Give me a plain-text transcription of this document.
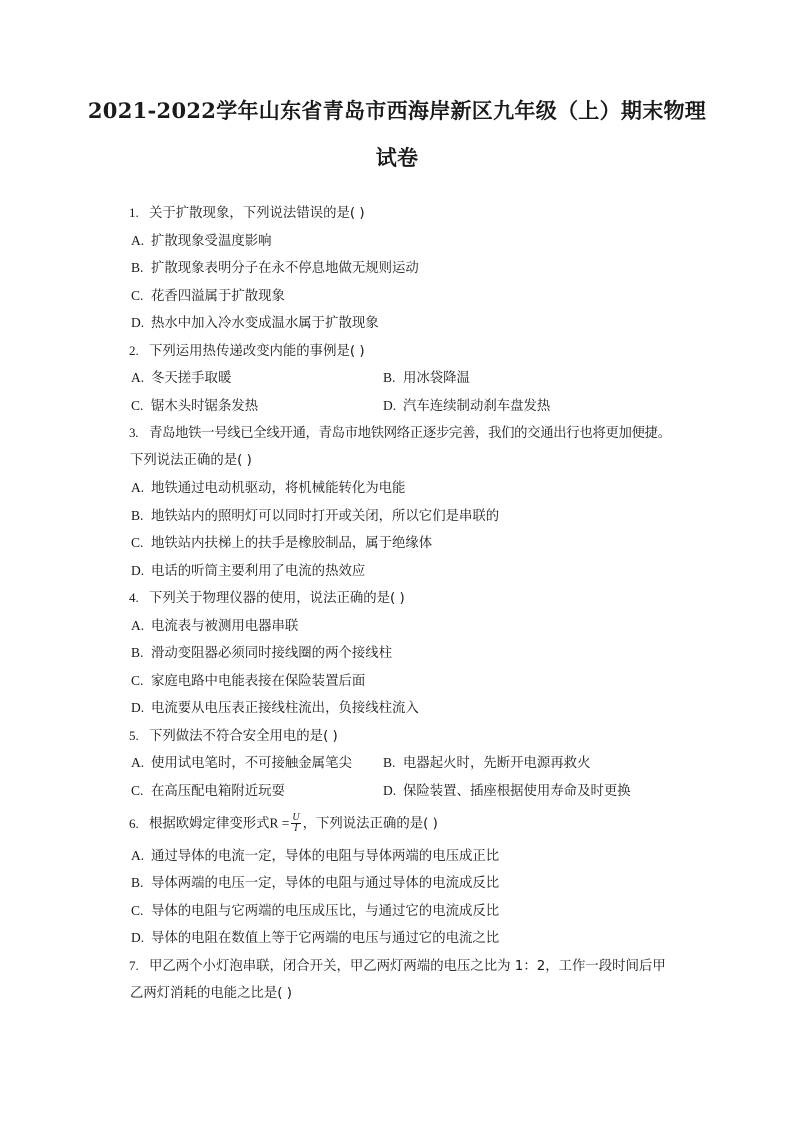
2021-2022学年山东省青岛市西海岸新区九年级（上）期末物理
试卷
1. 关于扩散现象，下列说法错误的是( )
A. 扩散现象受温度影响
B. 扩散现象表明分子在永不停息地做无规则运动
C. 花香四溢属于扩散现象
D. 热水中加入冷水变成温水属于扩散现象
2. 下列运用热传递改变内能的事例是( )
A. 冬天搓手取暖	B. 用冰袋降温
C. 锯木头时锯条发热	D. 汽车连续制动刹车盘发热
3. 青岛地铁一号线已全线开通，青岛市地铁网络正逐步完善，我们的交通出行也将更加便捷。
下列说法正确的是( )
A. 地铁通过电动机驱动，将机械能转化为电能
B. 地铁站内的照明灯可以同时打开或关闭，所以它们是串联的
C. 地铁站内扶梯上的扶手是橡胶制品，属于绝缘体
D. 电话的听筒主要利用了电流的热效应
4. 下列关于物理仪器的使用，说法正确的是( )
A. 电流表与被测用电器串联
B. 滑动变阻器必须同时接线圈的两个接线柱
C. 家庭电路中电能表接在保险装置后面
D. 电流要从电压表正接线柱流出，负接线柱流入
5. 下列做法不符合安全用电的是( )
A. 使用试电笔时，不可接触金属笔尖 B. 电器起火时，先断开电源再救火
C. 在高压配电箱附近玩耍	D. 保险装置、插座根据使用寿命及时更换
6. 根据欧姆定律变形式$R = \frac{U}{I}$ ，下列说法正确的是( )
A. 通过导体的电流一定，导体的电阻与导体两端的电压成正比
B. 导体两端的电压一定，导体的电阻与通过导体的电流成反比
C. 导体的电阻与它两端的电压成压比，与通过它的电流成反比
D. 导体的电阻在数值上等于它两端的电压与通过它的电流之比
7. 甲乙两个小灯泡串联，闭合开关，甲乙两灯两端的电压之比为 1：2，工作一段时间后甲
乙两灯消耗的电能之比是( )
